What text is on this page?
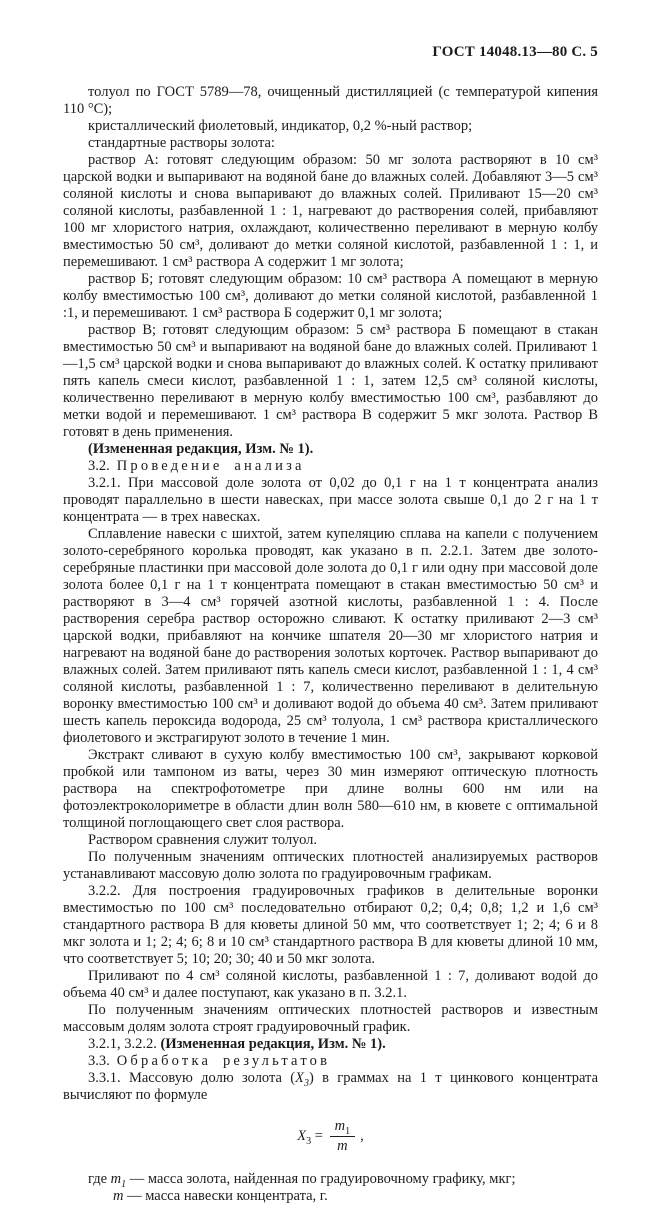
ГОСТ 14048.13—80 С. 5

толуол по ГОСТ 5789—78, очищенный дистилляцией (с температурой кипения 110 °С);

кристаллический фиолетовый, индикатор, 0,2 %-ный раствор;

стандартные растворы золота:

раствор А: готовят следующим образом: 50 мг золота растворяют в 10 см³ царской водки и выпаривают на водяной бане до влажных солей. Добавляют 3—5 см³ соляной кислоты и снова выпаривают до влажных солей. Приливают 15—20 см³ соляной кислоты, разбавленной 1 : 1, нагревают до растворения солей, прибавляют 100 мг хлористого натрия, охлаждают, количественно переливают в мерную колбу вместимостью 50 см³, доливают до метки соляной кислотой, разбавленной 1 : 1, и перемешивают. 1 см³ раствора А содержит 1 мг золота;

раствор Б; готовят следующим образом: 10 см³ раствора А помещают в мерную колбу вместимостью 100 см³, доливают до метки соляной кислотой, разбавленной 1 :1, и перемешивают. 1 см³ раствора Б содержит 0,1 мг золота;

раствор В; готовят следующим образом: 5 см³ раствора Б помещают в стакан вместимостью 50 см³ и выпаривают на водяной бане до влажных солей. Приливают 1—1,5 см³ царской водки и снова выпаривают до влажных солей. К остатку приливают пять капель смеси кислот, разбавленной 1 : 1, затем 12,5 см³ соляной кислоты, количественно переливают в мерную колбу вместимостью 100 см³, разбавляют до метки водой и перемешивают. 1 см³ раствора В содержит 5 мкг золота. Раствор В готовят в день применения.

(Измененная редакция, Изм. № 1).

3.2. Проведение анализа

3.2.1. При массовой доле золота от 0,02 до 0,1 г на 1 т концентрата анализ проводят параллельно в шести навесках, при массе золота свыше 0,1 до 2 г на 1 т концентрата — в трех навесках.

Сплавление навески с шихтой, затем купеляцию сплава на капели с получением золото-серебряного королька проводят, как указано в п. 2.2.1. Затем две золото-серебряные пластинки при массовой доле золота до 0,1 г или одну при массовой доле золота более 0,1 г на 1 т концентрата помещают в стакан вместимостью 50 см³ и растворяют в 3—4 см³ горячей азотной кислоты, разбавленной 1 : 4. После растворения серебра раствор осторожно сливают. К остатку приливают 2—3 см³ царской водки, прибавляют на кончике шпателя 20—30 мг хлористого натрия и нагревают на водяной бане до растворения золотых корточек. Раствор выпаривают до влажных солей. Затем приливают пять капель смеси кислот, разбавленной 1 : 1, 4 см³ соляной кислоты, разбавленной 1 : 7, количественно переливают в делительную воронку вместимостью 100 см³ и доливают водой до объема 40 см³. Затем приливают шесть капель пероксида водорода, 25 см³ толуола, 1 см³ раствора кристаллического фиолетового и экстрагируют золото в течение 1 мин.

Экстракт сливают в сухую колбу вместимостью 100 см³, закрывают корковой пробкой или тампоном из ваты, через 30 мин измеряют оптическую плотность раствора на спектрофотометре при длине волны 600 нм или на фотоэлектроколориметре в области длин волн 580—610 нм, в кювете с оптимальной толщиной поглощающего свет слоя раствора.

Раствором сравнения служит толуол.

По полученным значениям оптических плотностей анализируемых растворов устанавливают массовую долю золота по градуировочным графикам.

3.2.2. Для построения градуировочных графиков в делительные воронки вместимостью по 100 см³ последовательно отбирают 0,2; 0,4; 0,8; 1,2 и 1,6 см³ стандартного раствора В для кюветы длиной 50 мм, что соответствует 1; 2; 4; 6 и 8 мкг золота и 1; 2; 4; 6; 8 и 10 см³ стандартного раствора В для кюветы длиной 10 мм, что соответствует 5; 10; 20; 30; 40 и 50 мкг золота.

Приливают по 4 см³ соляной кислоты, разбавленной 1 : 7, доливают водой до объема 40 см³ и далее поступают, как указано в п. 3.2.1.

По полученным значениям оптических плотностей растворов и известным массовым долям золота строят градуировочный график.

3.2.1, 3.2.2. (Измененная редакция, Изм. № 1).

3.3. Обработка результатов

3.3.1. Массовую долю золота $(X_3)$ в граммах на 1 т цинкового концентрата вычисляют по формуле

$X_3 = \frac{m_1}{m}$ ,
где $m_1$ — масса золота, найденная по градуировочному графику, мкг;
m — масса навески концентрата, г.
